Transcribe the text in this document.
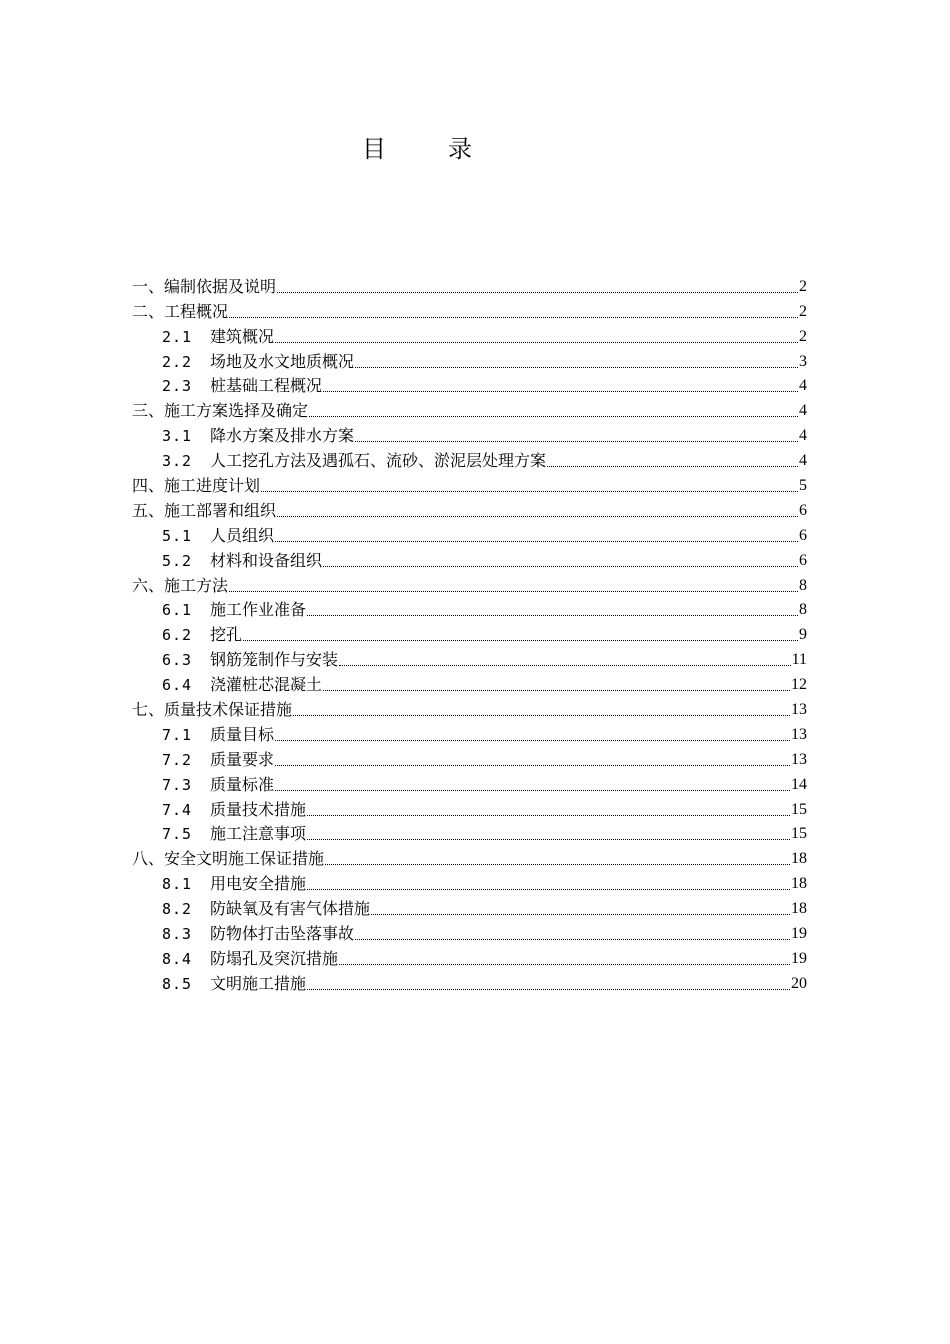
目录
一、编制依据及说明	2
二、工程概况	2
2.1	建筑概况	2
2.2	场地及水文地质概况	3
2.3	桩基础工程概况	4
三、施工方案选择及确定	4
3.1	降水方案及排水方案	4
3.2	人工挖孔方法及遇孤石、流砂、淤泥层处理方案	4
四、施工进度计划	5
五、施工部署和组织	6
5.1	人员组织	6
5.2	材料和设备组织	6
六、施工方法	8
6.1	施工作业准备	8
6.2	挖孔	9
6.3	钢筋笼制作与安装	11
6.4	浇灌桩芯混凝土	12
七、质量技术保证措施	13
7.1	质量目标	13
7.2	质量要求	13
7.3	质量标准	14
7.4	质量技术措施	15
7.5	施工注意事项	15
八、安全文明施工保证措施	18
8.1	用电安全措施	18
8.2	防缺氧及有害气体措施	18
8.3	防物体打击坠落事故	19
8.4	防塌孔及突沉措施	19
8.5	文明施工措施	20
